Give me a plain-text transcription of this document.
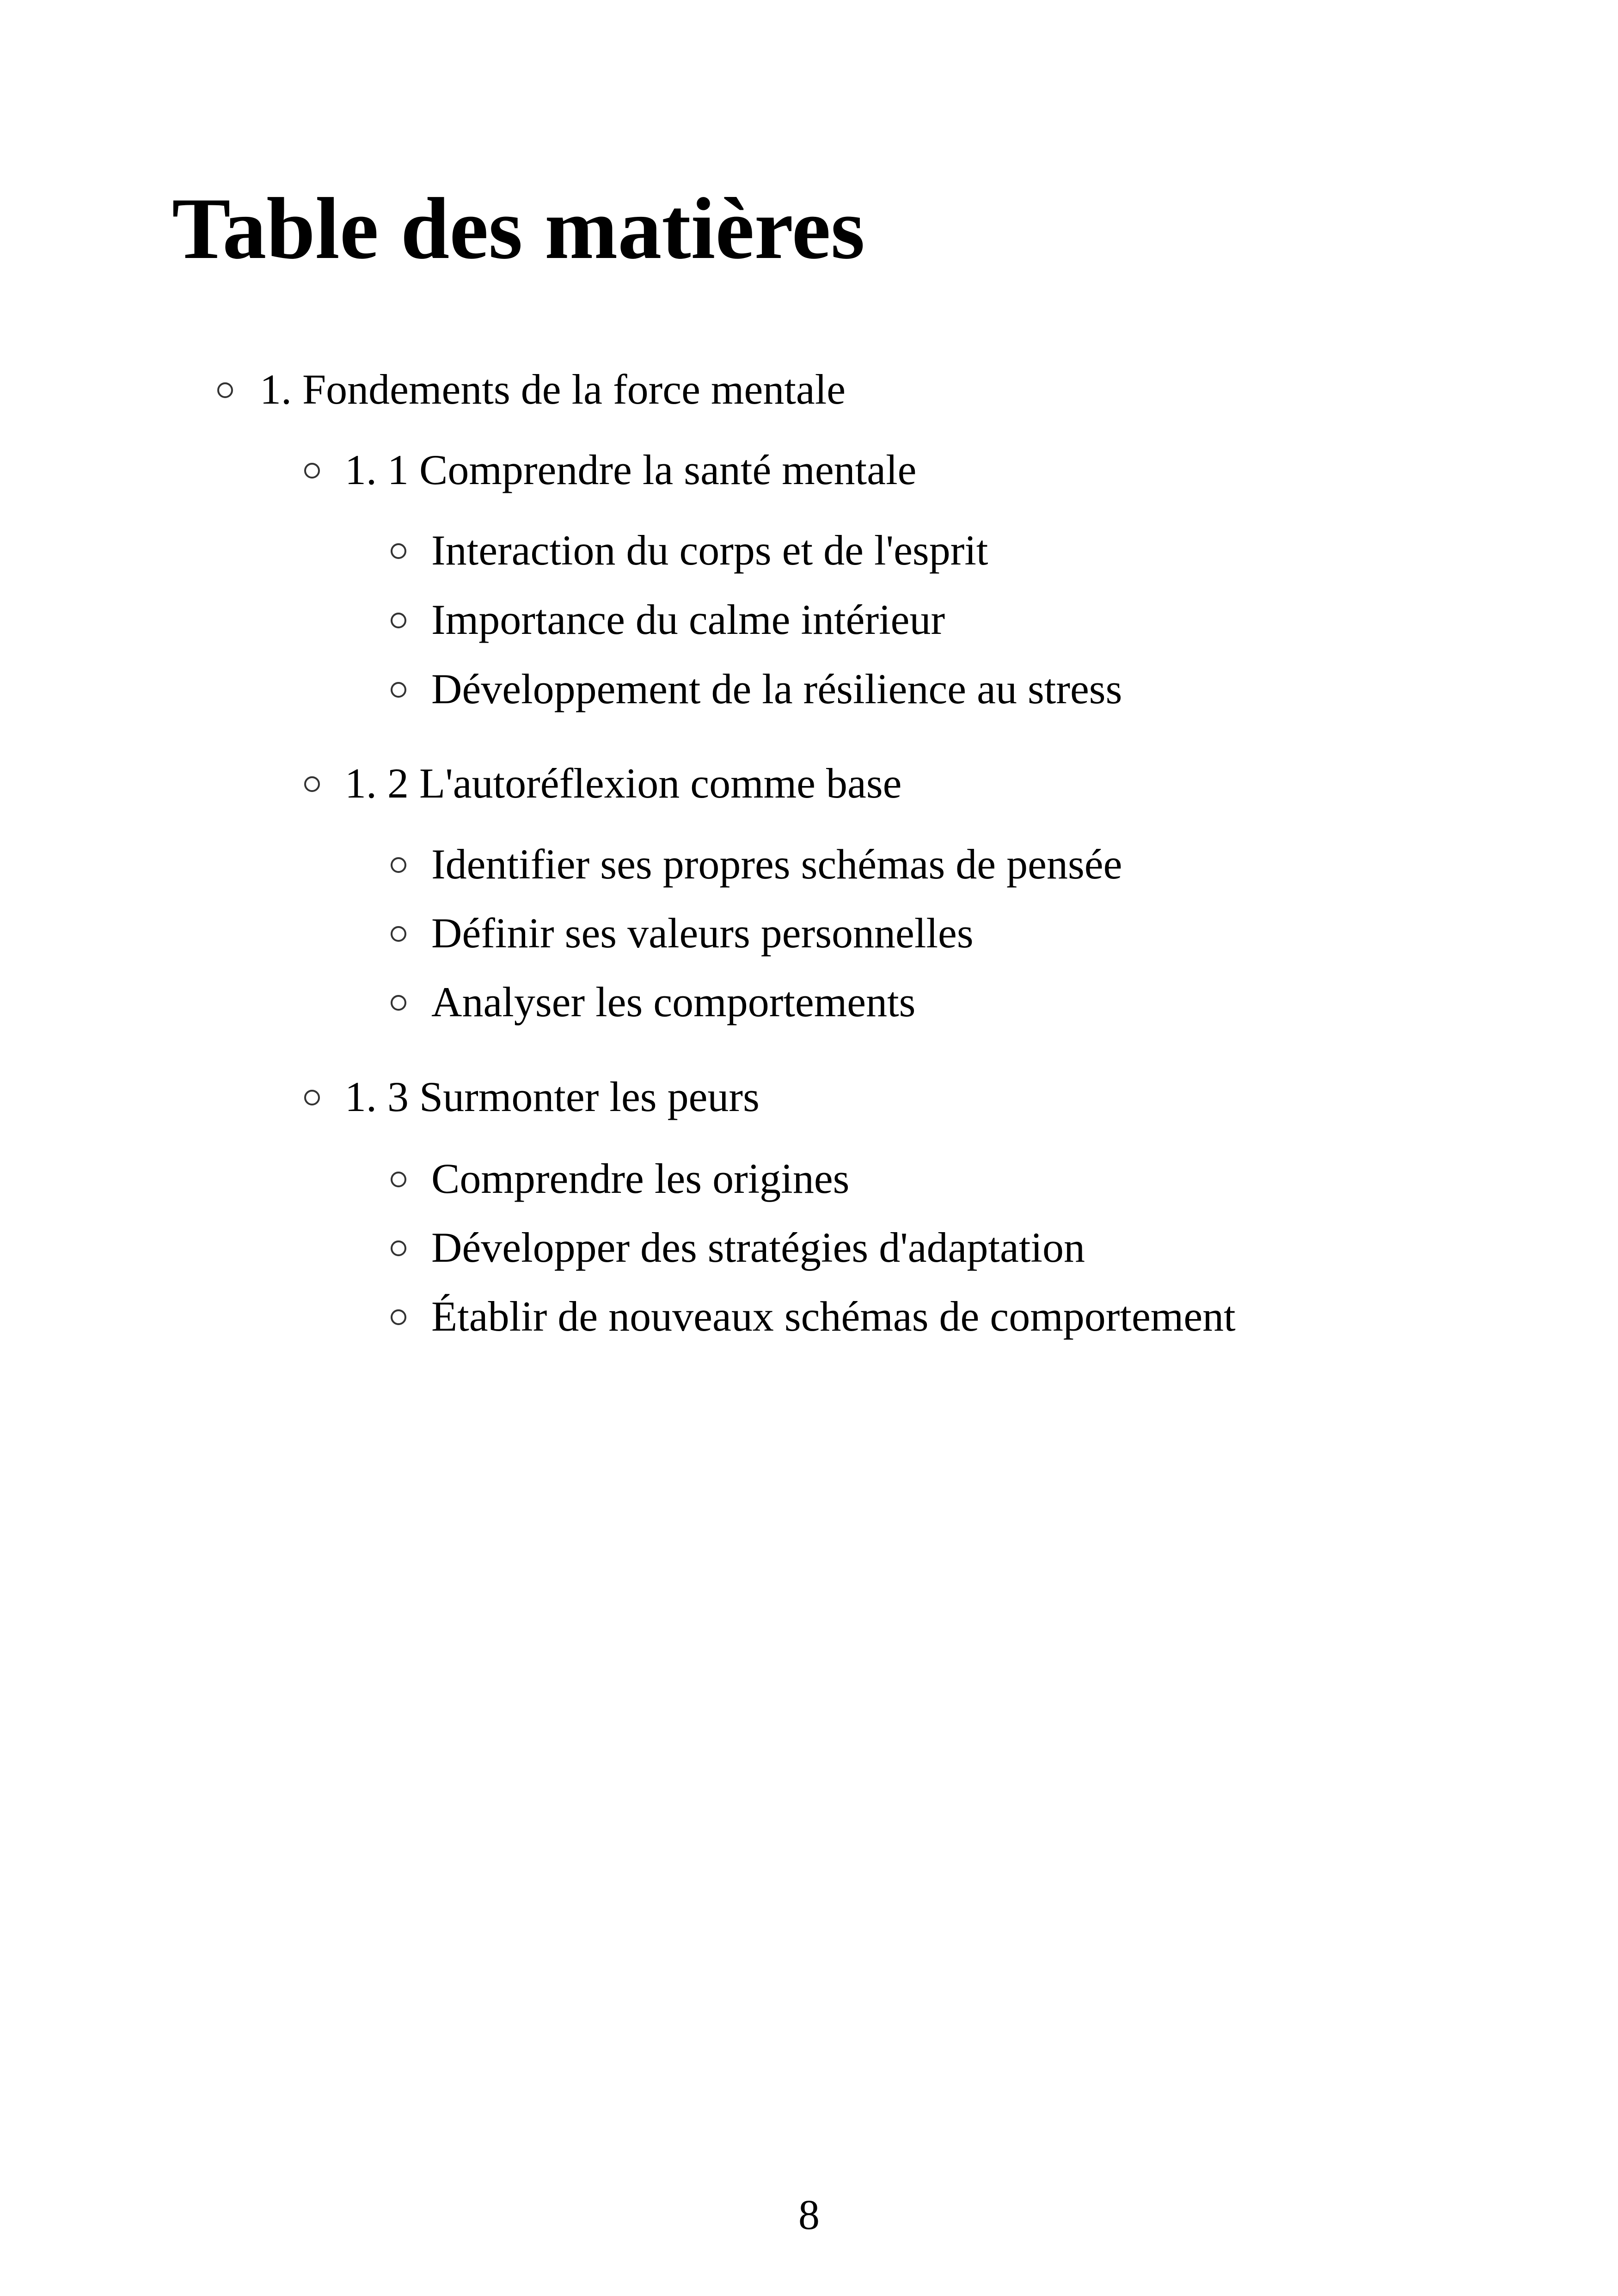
Table des matières
1. Fondements de la force mentale
1. 1 Comprendre la santé mentale
Interaction du corps et de l'esprit
Importance du calme intérieur
Développement de la résilience au stress
1. 2 L'autoréflexion comme base
Identifier ses propres schémas de pensée
Définir ses valeurs personnelles
Analyser les comportements
1. 3 Surmonter les peurs
Comprendre les origines
Développer des stratégies d'adaptation
Établir de nouveaux schémas de comportement
8
